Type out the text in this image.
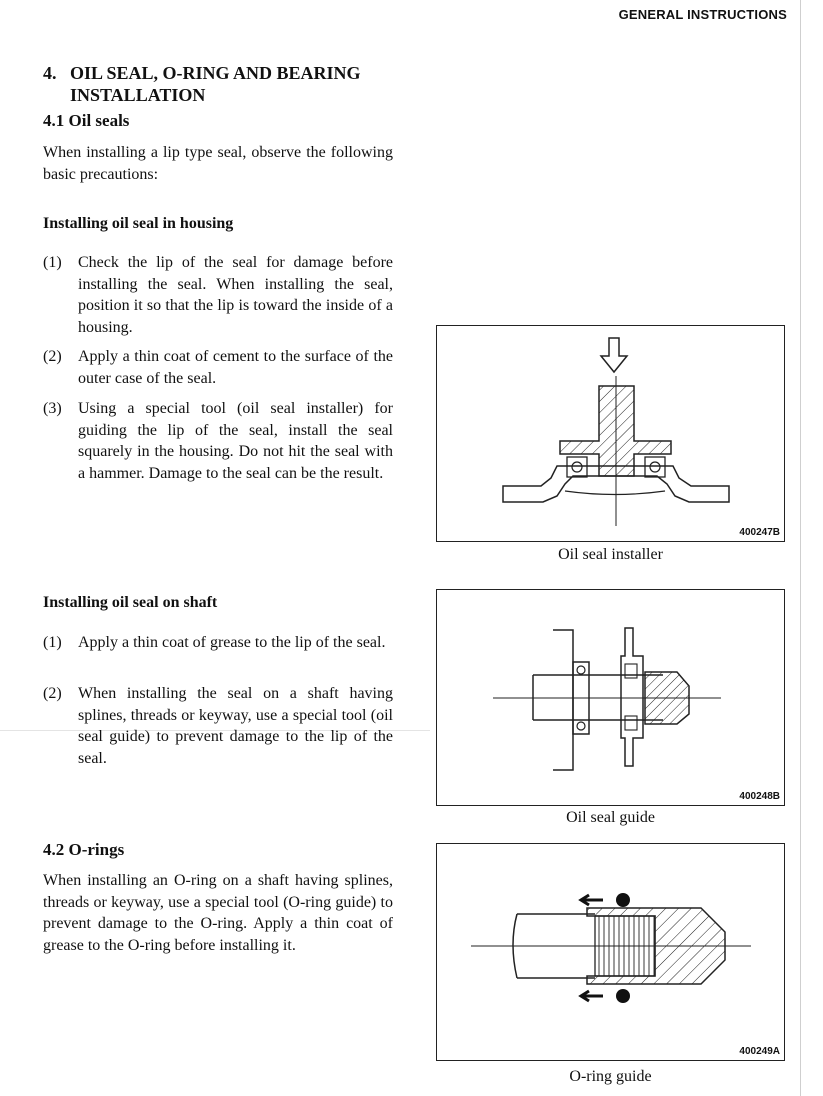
GENERAL INSTRUCTIONS
4. OIL SEAL, O-RING AND BEARING INSTALLATION
4.1 Oil seals
When installing a lip type seal, observe the following basic precautions:
Installing oil seal in housing
(1) Check the lip of the seal for damage before installing the seal. When installing the seal, position it so that the lip is toward the inside of a housing.
(2) Apply a thin coat of cement to the surface of the outer case of the seal.
(3) Using a special tool (oil seal installer) for guiding the lip of the seal, install the seal squarely in the housing. Do not hit the seal with a hammer. Damage to the seal can be the result.
Installing oil seal on shaft
(1) Apply a thin coat of grease to the lip of the seal.
(2) When installing the seal on a shaft having splines, threads or keyway, use a special tool (oil seal guide) to prevent damage to the lip of the seal.
4.2 O-rings
When installing an O-ring on a shaft having splines, threads or keyway, use a special tool (O-ring guide) to prevent damage to the O-ring. Apply a thin coat of grease to the O-ring before installing it.
400247B
Oil seal installer
400248B
Oil seal guide
400249A
O-ring guide
